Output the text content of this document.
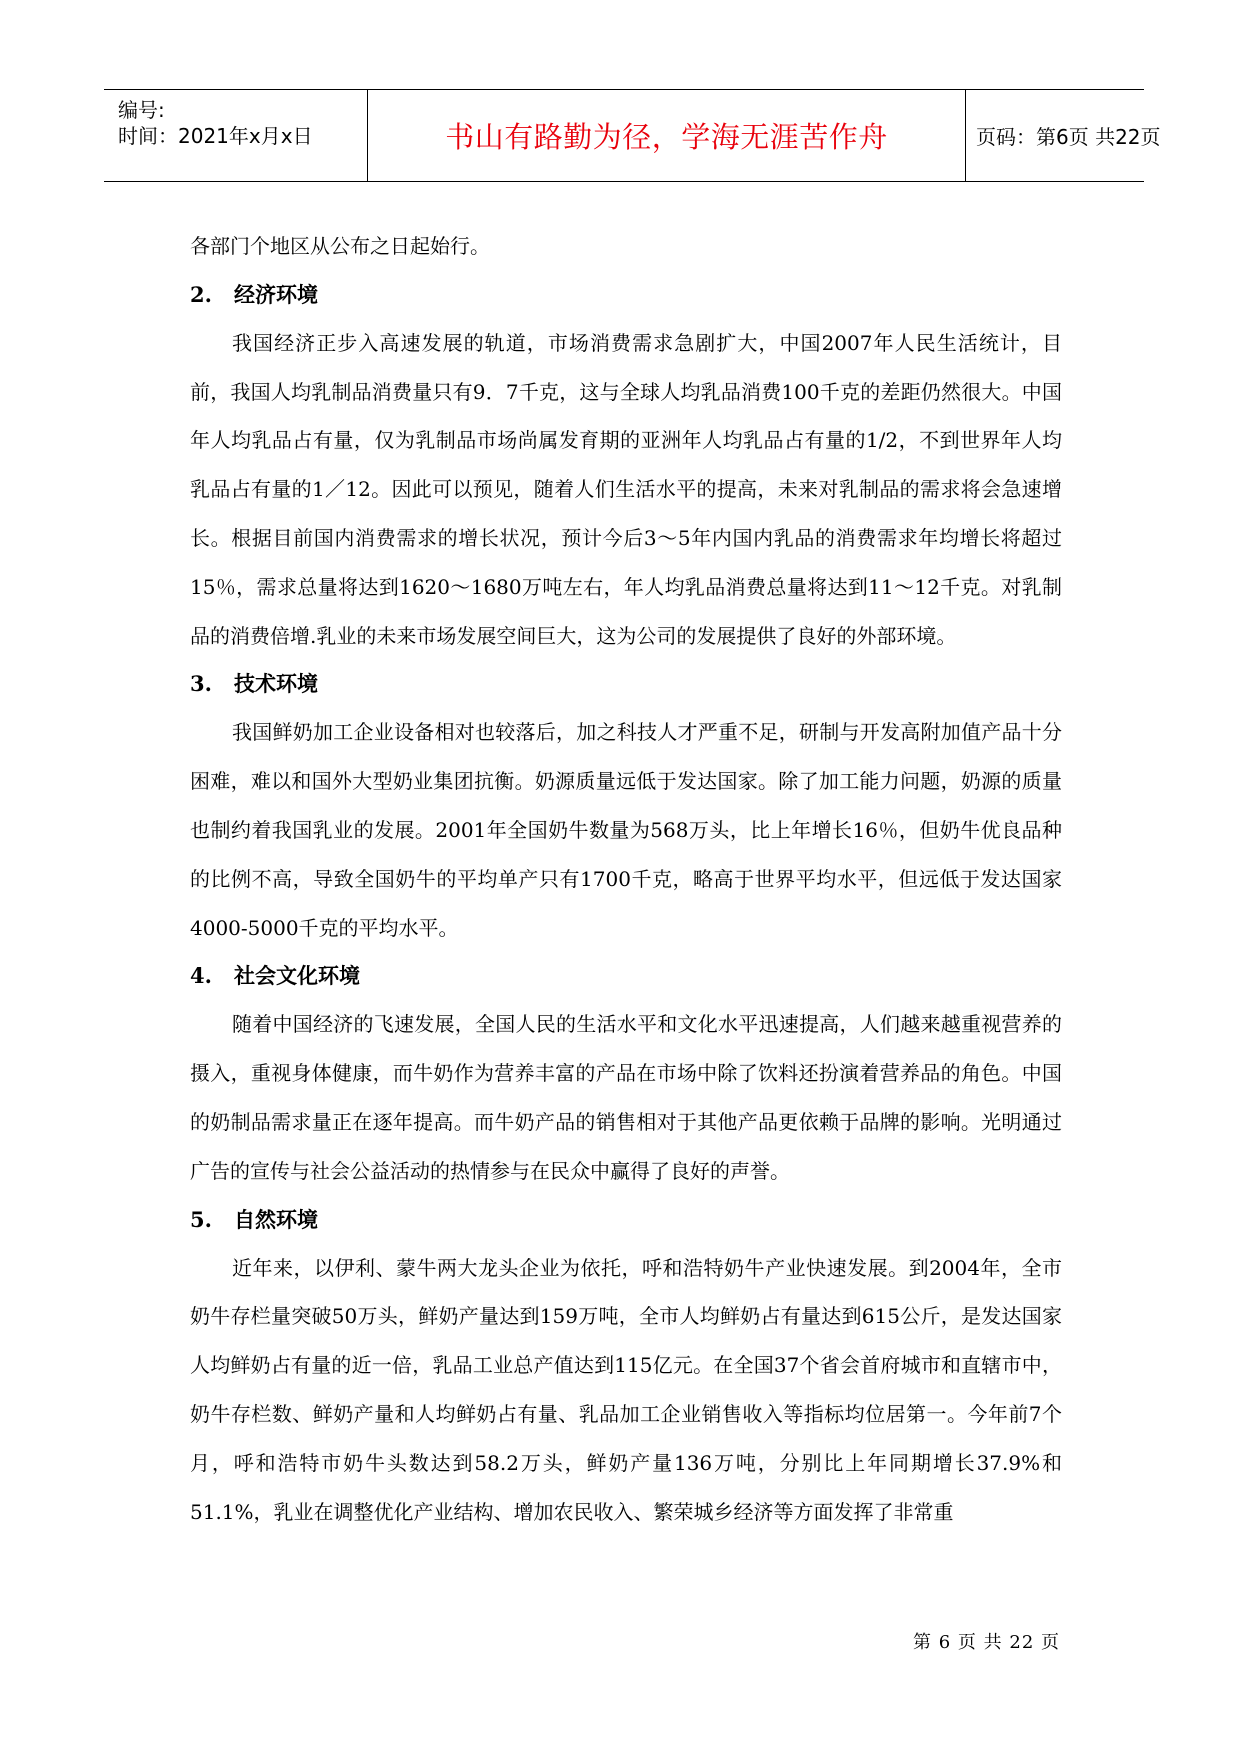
编号:
时间：2021年x月x日	书山有路勤为径，学海无涯苦作舟	页码：第6页 共22页

各部门个地区从公布之日起始行。

2. 经济环境

我国经济正步入高速发展的轨道，市场消费需求急剧扩大，中国2007年人民生活统计，目前，我国人均乳制品消费量只有9．7千克，这与全球人均乳品消费100千克的差距仍然很大。中国年人均乳品占有量，仅为乳制品市场尚属发育期的亚洲年人均乳品占有量的1/2，不到世界年人均乳品占有量的1／12。因此可以预见，随着人们生活水平的提高，未来对乳制品的需求将会急速增长。根据目前国内消费需求的增长状况，预计今后3～5年内国内乳品的消费需求年均增长将超过15％，需求总量将达到1620～1680万吨左右，年人均乳品消费总量将达到11～12千克。对乳制品的消费倍增.乳业的未来市场发展空间巨大，这为公司的发展提供了良好的外部环境。

3. 技术环境

我国鲜奶加工企业设备相对也较落后，加之科技人才严重不足，研制与开发高附加值产品十分困难，难以和国外大型奶业集团抗衡。奶源质量远低于发达国家。除了加工能力问题，奶源的质量也制约着我国乳业的发展。2001年全国奶牛数量为568万头，比上年增长16％，但奶牛优良品种的比例不高，导致全国奶牛的平均单产只有1700千克，略高于世界平均水平，但远低于发达国家4000-5000千克的平均水平。

4. 社会文化环境

随着中国经济的飞速发展，全国人民的生活水平和文化水平迅速提高，人们越来越重视营养的摄入，重视身体健康，而牛奶作为营养丰富的产品在市场中除了饮料还扮演着营养品的角色。中国的奶制品需求量正在逐年提高。而牛奶产品的销售相对于其他产品更依赖于品牌的影响。光明通过广告的宣传与社会公益活动的热情参与在民众中赢得了良好的声誉。

5. 自然环境

近年来，以伊利、蒙牛两大龙头企业为依托，呼和浩特奶牛产业快速发展。到2004年，全市奶牛存栏量突破50万头，鲜奶产量达到159万吨，全市人均鲜奶占有量达到615公斤，是发达国家人均鲜奶占有量的近一倍，乳品工业总产值达到115亿元。在全国37个省会首府城市和直辖市中，奶牛存栏数、鲜奶产量和人均鲜奶占有量、乳品加工企业销售收入等指标均位居第一。今年前7个月，呼和浩特市奶牛头数达到58.2万头，鲜奶产量136万吨，分别比上年同期增长37.9%和51.1%，乳业在调整优化产业结构、增加农民收入、繁荣城乡经济等方面发挥了非常重

第 6 页 共 22 页
